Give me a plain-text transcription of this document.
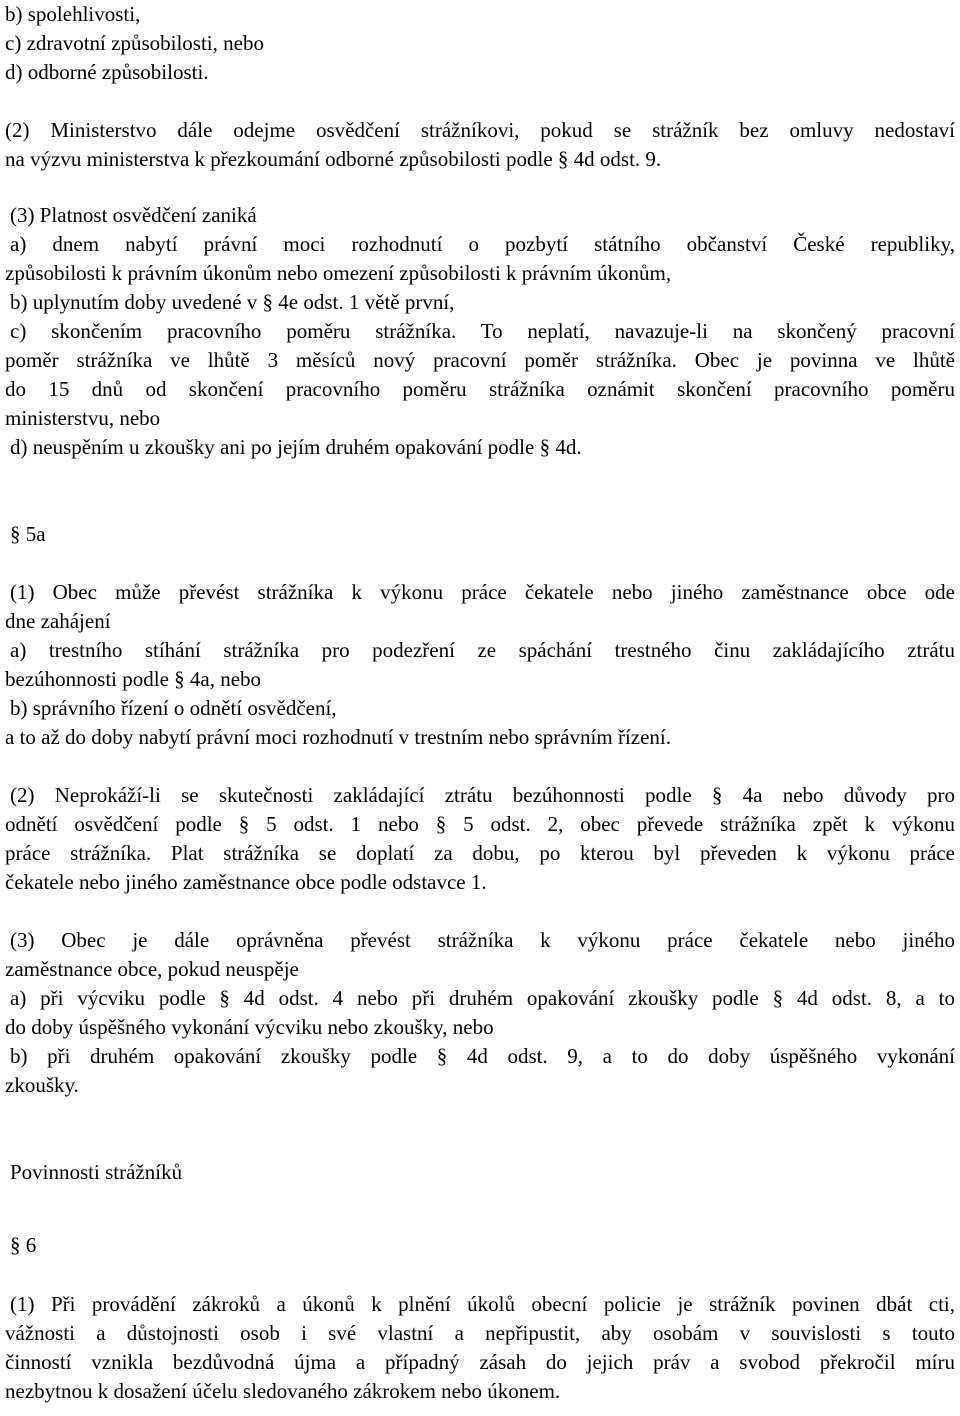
b) spolehlivosti,
c) zdravotní způsobilosti, nebo
d) odborné způsobilosti.
(2) Ministerstvo dále odejme osvědčení strážníkovi, pokud se strážník bez omluvy nedostaví
na výzvu ministerstva k přezkoumání odborné způsobilosti podle § 4d odst. 9.
(3) Platnost osvědčení zaniká
a) dnem nabytí právní moci rozhodnutí o pozbytí státního občanství České republiky,
způsobilosti k právním úkonům nebo omezení způsobilosti k právním úkonům,
b) uplynutím doby uvedené v § 4e odst. 1 větě první,
c) skončením pracovního poměru strážníka. To neplatí, navazuje-li na skončený pracovní
poměr strážníka ve lhůtě 3 měsíců nový pracovní poměr strážníka. Obec je povinna ve lhůtě
do 15 dnů od skončení pracovního poměru strážníka oznámit skončení pracovního poměru
ministerstvu, nebo
d) neuspěním u zkoušky ani po jejím druhém opakování podle § 4d.
§ 5a
(1) Obec může převést strážníka k výkonu práce čekatele nebo jiného zaměstnance obce ode
dne zahájení
a) trestního stíhání strážníka pro podezření ze spáchání trestného činu zakládajícího ztrátu
bezúhonnosti podle § 4a, nebo
b) správního řízení o odnětí osvědčení,
a to až do doby nabytí právní moci rozhodnutí v trestním nebo správním řízení.
(2) Neprokáží-li se skutečnosti zakládající ztrátu bezúhonnosti podle § 4a nebo důvody pro
odnětí osvědčení podle § 5 odst. 1 nebo § 5 odst. 2, obec převede strážníka zpět k výkonu
práce strážníka. Plat strážníka se doplatí za dobu, po kterou byl převeden k výkonu práce
čekatele nebo jiného zaměstnance obce podle odstavce 1.
(3) Obec je dále oprávněna převést strážníka k výkonu práce čekatele nebo jiného
zaměstnance obce, pokud neuspěje
a) při výcviku podle § 4d odst. 4 nebo při druhém opakování zkoušky podle § 4d odst. 8, a to
do doby úspěšného vykonání výcviku nebo zkoušky, nebo
b) při druhém opakování zkoušky podle § 4d odst. 9, a to do doby úspěšného vykonání
zkoušky.
Povinnosti strážníků
§ 6
(1) Při provádění zákroků a úkonů k plnění úkolů obecní policie je strážník povinen dbát cti,
vážnosti a důstojnosti osob i své vlastní a nepřipustit, aby osobám v souvislosti s touto
činností vznikla bezdůvodná újma a případný zásah do jejich práv a svobod překročil míru
nezbytnou k dosažení účelu sledovaného zákrokem nebo úkonem.
